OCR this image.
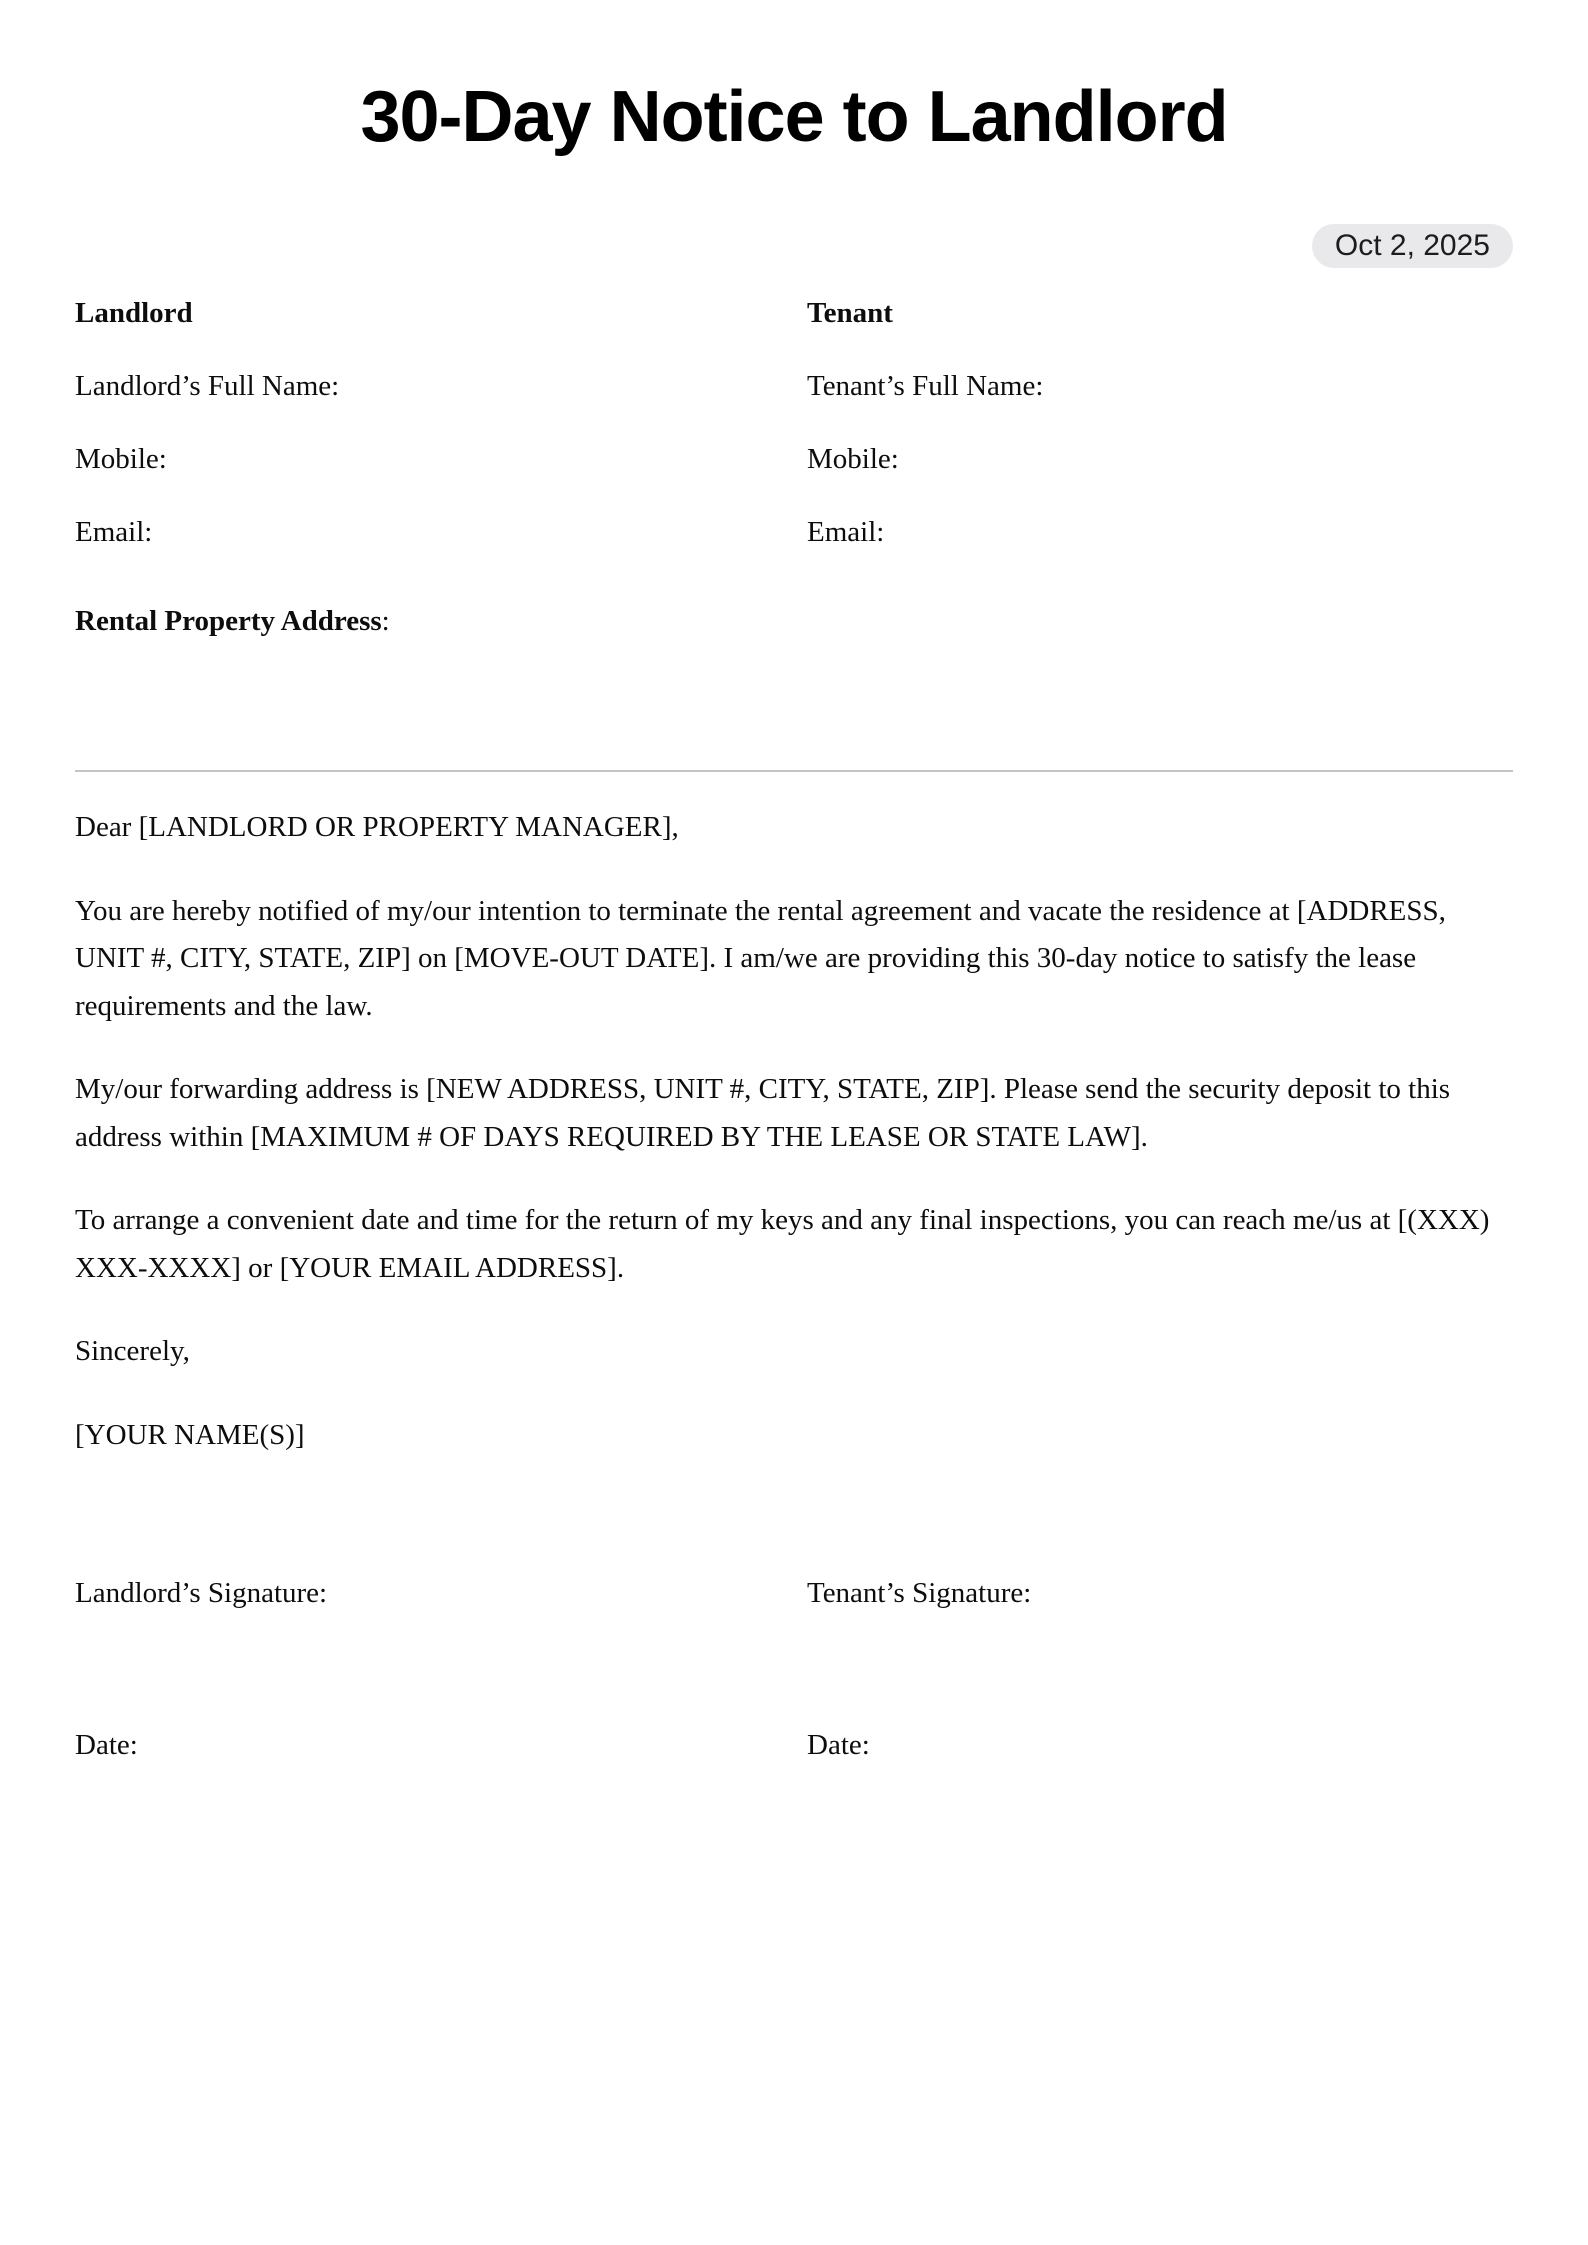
30-Day Notice to Landlord
Oct 2, 2025

Landlord

Landlord’s Full Name:

Mobile:

Email:

Tenant

Tenant’s Full Name:

Mobile:

Email:

Rental Property Address:

Dear [LANDLORD OR PROPERTY MANAGER],

You are hereby notified of my/our intention to terminate the rental agreement and vacate the residence at [ADDRESS, UNIT #, CITY, STATE, ZIP] on [MOVE-OUT DATE]. I am/we are providing this 30-day notice to satisfy the lease requirements and the law.

My/our forwarding address is [NEW ADDRESS, UNIT #, CITY, STATE, ZIP]. Please send the security deposit to this address within [MAXIMUM # OF DAYS REQUIRED BY THE LEASE OR STATE LAW].

To arrange a convenient date and time for the return of my keys and any final inspections, you can reach me/us at [(XXX) XXX-XXXX] or [YOUR EMAIL ADDRESS].

Sincerely,

[YOUR NAME(S)]

Landlord’s Signature:	Tenant’s Signature:

Date:	Date:
